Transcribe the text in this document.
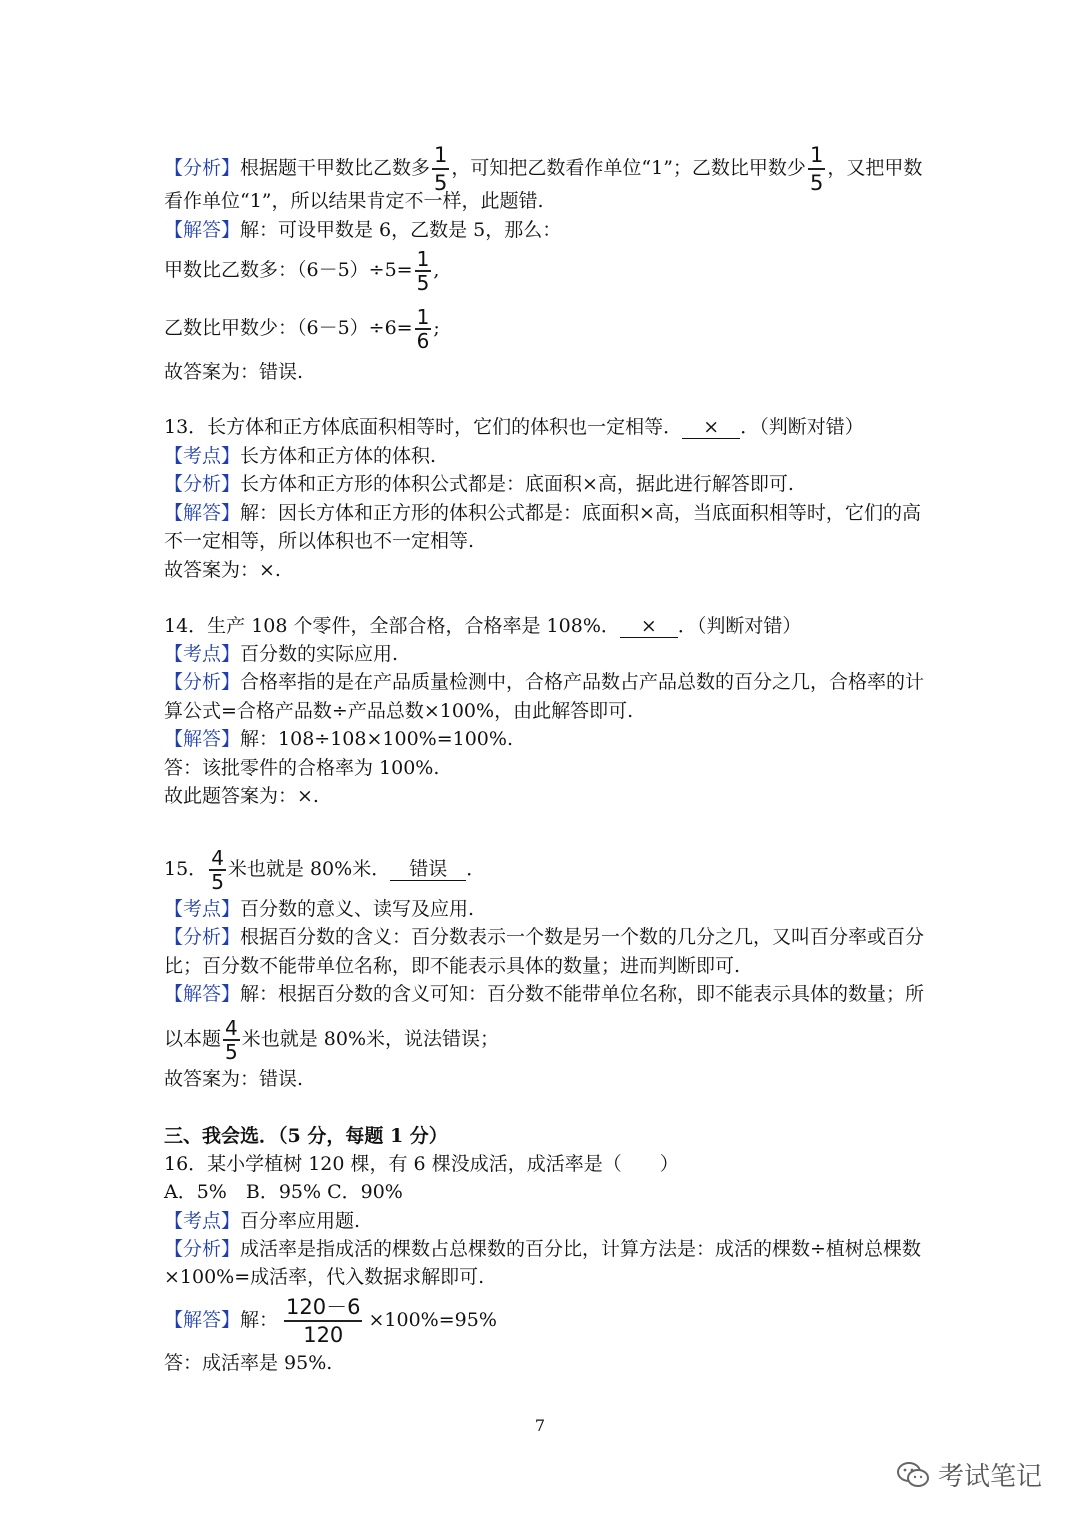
【分析】根据题干甲数比乙数多 $\frac{1}{5}$ ，可知把乙数看作单位“1”；乙数比甲数少 $\frac{1}{5}$ ，又把甲数
看作单位“1”，所以结果肯定不一样，此题错.
【解答】解：可设甲数是 6，乙数是 5，那么：
甲数比乙数多：$(6-5)\div 5= \frac{1}{5}$ ,
乙数比甲数少：$(6-5)\div 6= \frac{1}{6}$ ;
故答案为：错误.
13．长方体和正方体底面积相等时，它们的体积也一定相等． × ．（判断对错）
【考点】长方体和正方体的体积.
【分析】长方体和正方形的体积公式都是：底面积×高，据此进行解答即可.
【解答】解：因长方体和正方形的体积公式都是：底面积×高，当底面积相等时，它们的高
不一定相等，所以体积也不一定相等.
故答案为：×.
14．生产 108 个零件，全部合格，合格率是 108%． × ．（判断对错）
【考点】百分数的实际应用.
【分析】合格率指的是在产品质量检测中，合格产品数占产品总数的百分之几，合格率的计
算公式=合格产品数÷产品总数×100%，由此解答即可.
【解答】解：108÷108×100%=100%.
答：该批零件的合格率为 100%.
故此题答案为：×.
15． $\frac{4}{5}$ 米也就是 80%米． 错误 ．
【考点】百分数的意义、读写及应用.
【分析】根据百分数的含义：百分数表示一个数是另一个数的几分之几，又叫百分率或百分
比；百分数不能带单位名称，即不能表示具体的数量；进而判断即可.
【解答】解：根据百分数的含义可知：百分数不能带单位名称，即不能表示具体的数量；所
以本题 $\frac{4}{5}$ 米也就是 80%米，说法错误；
故答案为：错误.
三、我会选．（5 分，每题 1 分）
16．某小学植树 120 棵，有 6 棵没成活，成活率是（　　）
A．5%　B．95% C．90%
【考点】百分率应用题.
【分析】成活率是指成活的棵数占总棵数的百分比，计算方法是：成活的棵数÷植树总棵数
×100%=成活率，代入数据求解即可.
【解答】解： $\frac{120-6}{120} \times 100\%=95\%$
答：成活率是 95%.
7
考试笔记
